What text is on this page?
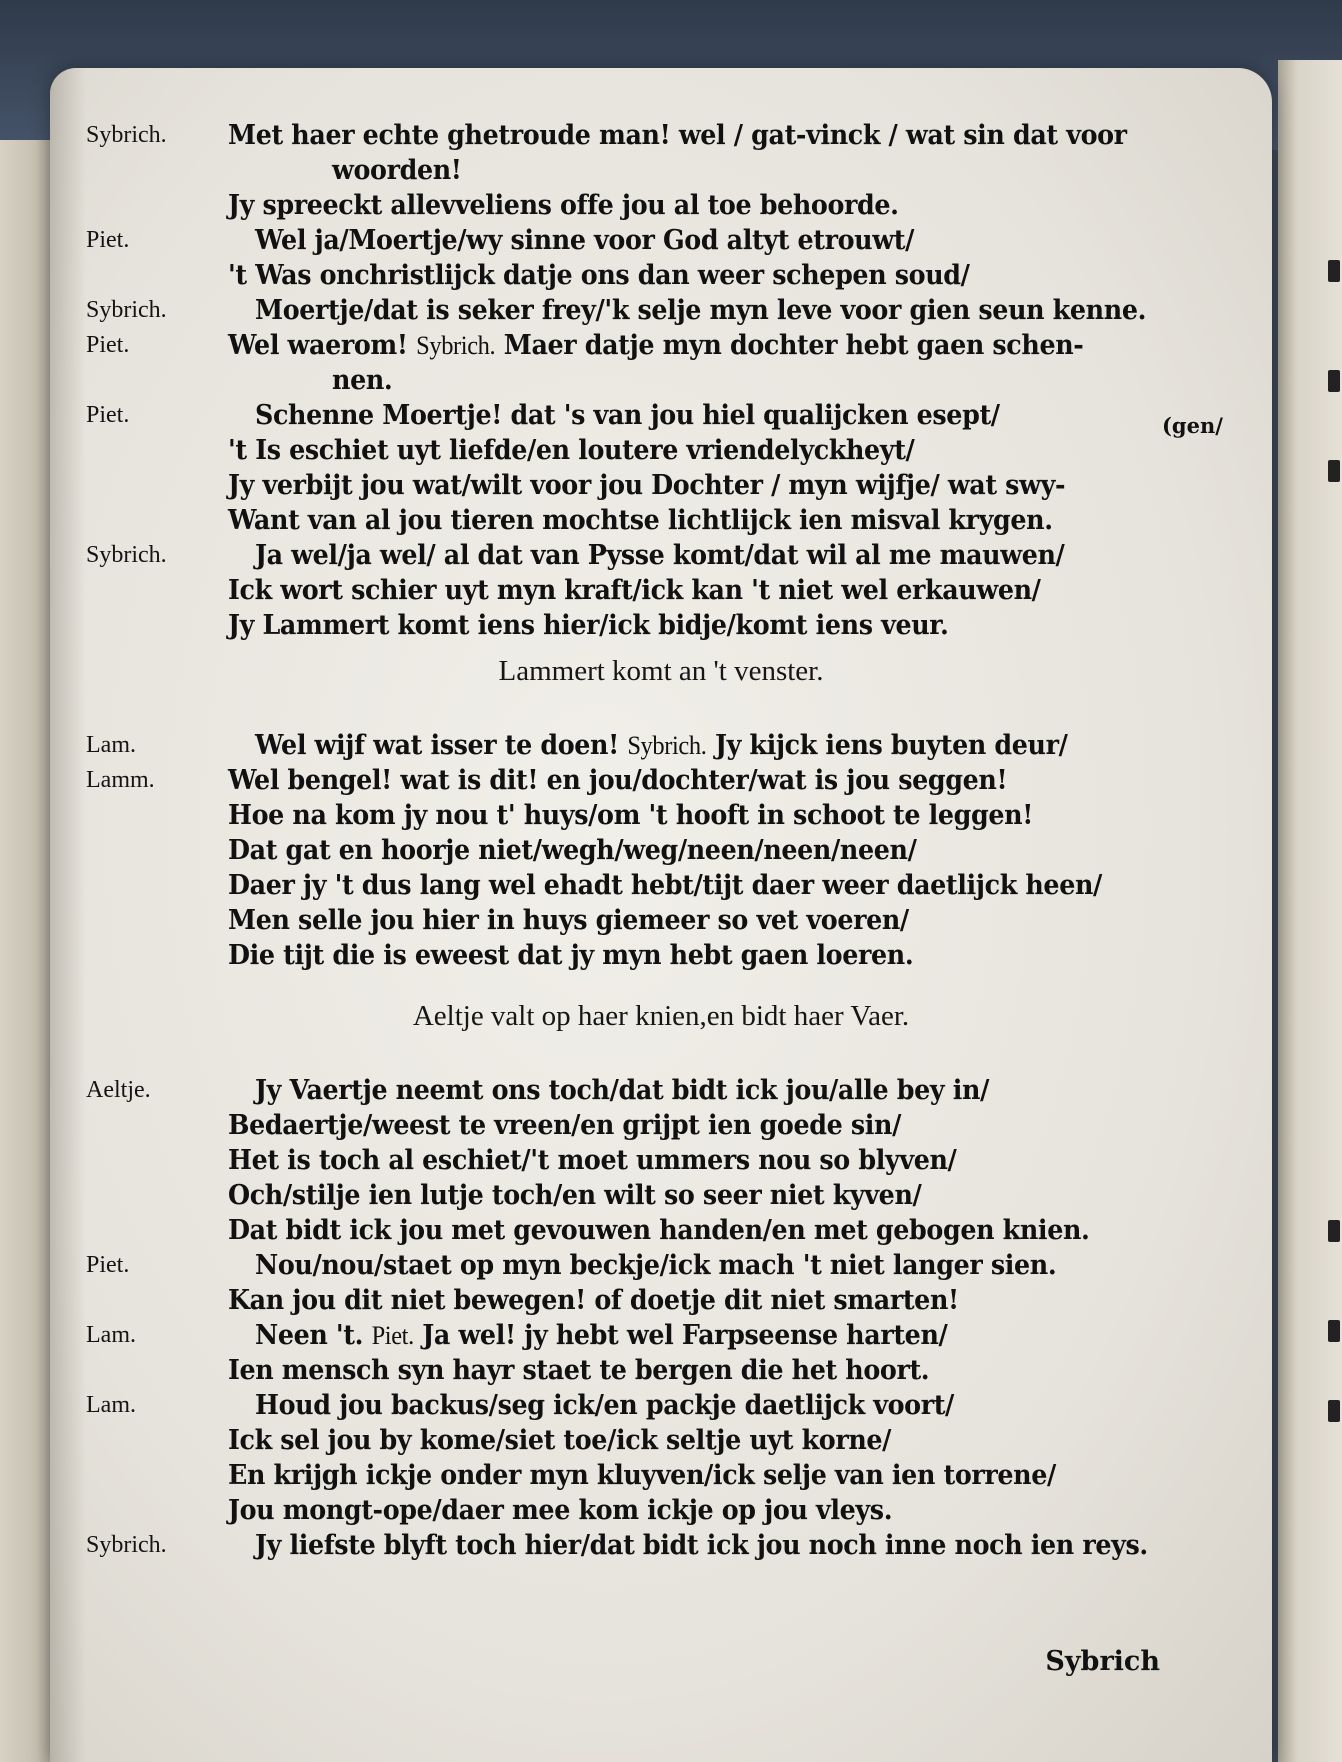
Sybrich. Met haer echte ghetroude man! wel / gat-vinck / wat sin dat voor
woorden!
Jy spreeckt allevveliens offe jou al toe behoorde.
Piet.	Wel ja/Moertje/wy sinne voor God altyt etrouwt/
't Was onchristlijck datje ons dan weer schepen soud/
Sybrich.	Moertje/dat is seker frey/'k selje myn leve voor gien seun kenne.
Piet.	Wel waerom! Sybrich. Maer datje myn dochter hebt gaen schen-
nen.
Piet.	Schenne Moertje! dat 's van jou hiel qualijcken esept/
't Is eschiet uyt liefde/en loutere vriendelyckheyt/
Jy verbijt jou wat/wilt voor jou Dochter / myn wijfje/ wat swy-
Want van al jou tieren mochtse lichtlijck ien misval krygen.
Sybrich.	Ja wel/ja wel/ al dat van Pysse komt/dat wil al me mauwen/
Ick wort schier uyt myn kraft/ick kan 't niet wel erkauwen/
Jy Lammert komt iens hier/ick bidje/komt iens veur.
(gen/
Lammert komt an 't venster.
Lam.	Wel wijf wat isser te doen! Sybrich. Jy kijck iens buyten deur/
Lamm.	Wel bengel! wat is dit! en jou/dochter/wat is jou seggen!
Hoe na kom jy nou t' huys/om 't hooft in schoot te leggen!
Dat gat en hoorje niet/wegh/weg/neen/neen/neen/
Daer jy 't dus lang wel ehadt hebt/tijt daer weer daetlijck heen/
Men selle jou hier in huys giemeer so vet voeren/
Die tijt die is eweest dat jy myn hebt gaen loeren.
Aeltje valt op haer knien,en bidt haer Vaer.
Aeltje.	Jy Vaertje neemt ons toch/dat bidt ick jou/alle bey in/
Bedaertje/weest te vreen/en grijpt ien goede sin/
Het is toch al eschiet/'t moet ummers nou so blyven/
Och/stilje ien lutje toch/en wilt so seer niet kyven/
Dat bidt ick jou met gevouwen handen/en met gebogen knien.
Piet.	Nou/nou/staet op myn beckje/ick mach 't niet langer sien.
Kan jou dit niet bewegen! of doetje dit niet smarten!
Lam.	Neen 't. Piet. Ja wel! jy hebt wel Farpseense harten/
Ien mensch syn hayr staet te bergen die het hoort.
Lam.	Houd jou backus/seg ick/en packje daetlijck voort/
Ick sel jou by kome/siet toe/ick seltje uyt korne/
En krijgh ickje onder myn kluyven/ick selje van ien torrene/
Jou mongt-ope/daer mee kom ickje op jou vleys.
Sybrich.	Jy liefste blyft toch hier/dat bidt ick jou noch inne noch ien reys.
Sybrich
